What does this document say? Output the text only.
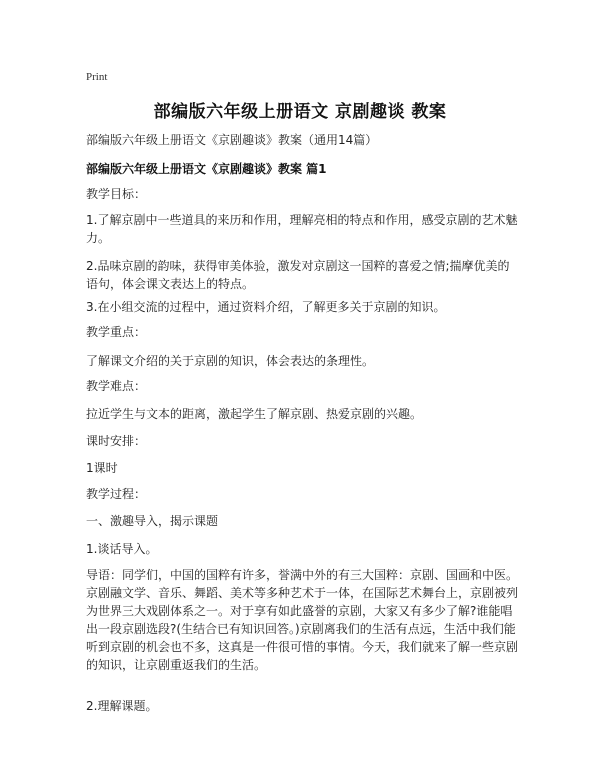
Print
部编版六年级上册语文 京剧趣谈 教案
部编版六年级上册语文《京剧趣谈》教案（通用14篇）
部编版六年级上册语文《京剧趣谈》教案 篇1
教学目标：
1.了解京剧中一些道具的来历和作用，理解亮相的特点和作用，感受京剧的艺术魅力。
2.品味京剧的韵味，获得审美体验，激发对京剧这一国粹的喜爱之情;揣摩优美的语句，体会课文表达上的特点。
3.在小组交流的过程中，通过资料介绍，了解更多关于京剧的知识。
教学重点：
了解课文介绍的关于京剧的知识，体会表达的条理性。
教学难点：
拉近学生与文本的距离，激起学生了解京剧、热爱京剧的兴趣。
课时安排：
1课时
教学过程：
一、激趣导入，揭示课题
1.谈话导入。
导语：同学们，中国的国粹有许多，誉满中外的有三大国粹：京剧、国画和中医。京剧融文学、音乐、舞蹈、美术等多种艺术于一体，在国际艺术舞台上，京剧被列为世界三大戏剧体系之一。对于享有如此盛誉的京剧，大家又有多少了解?谁能唱出一段京剧选段?(生结合已有知识回答。)京剧离我们的生活有点远，生活中我们能听到京剧的机会也不多，这真是一件很可惜的事情。今天，我们就来了解一些京剧的知识，让京剧重返我们的生活。
2.理解课题。
